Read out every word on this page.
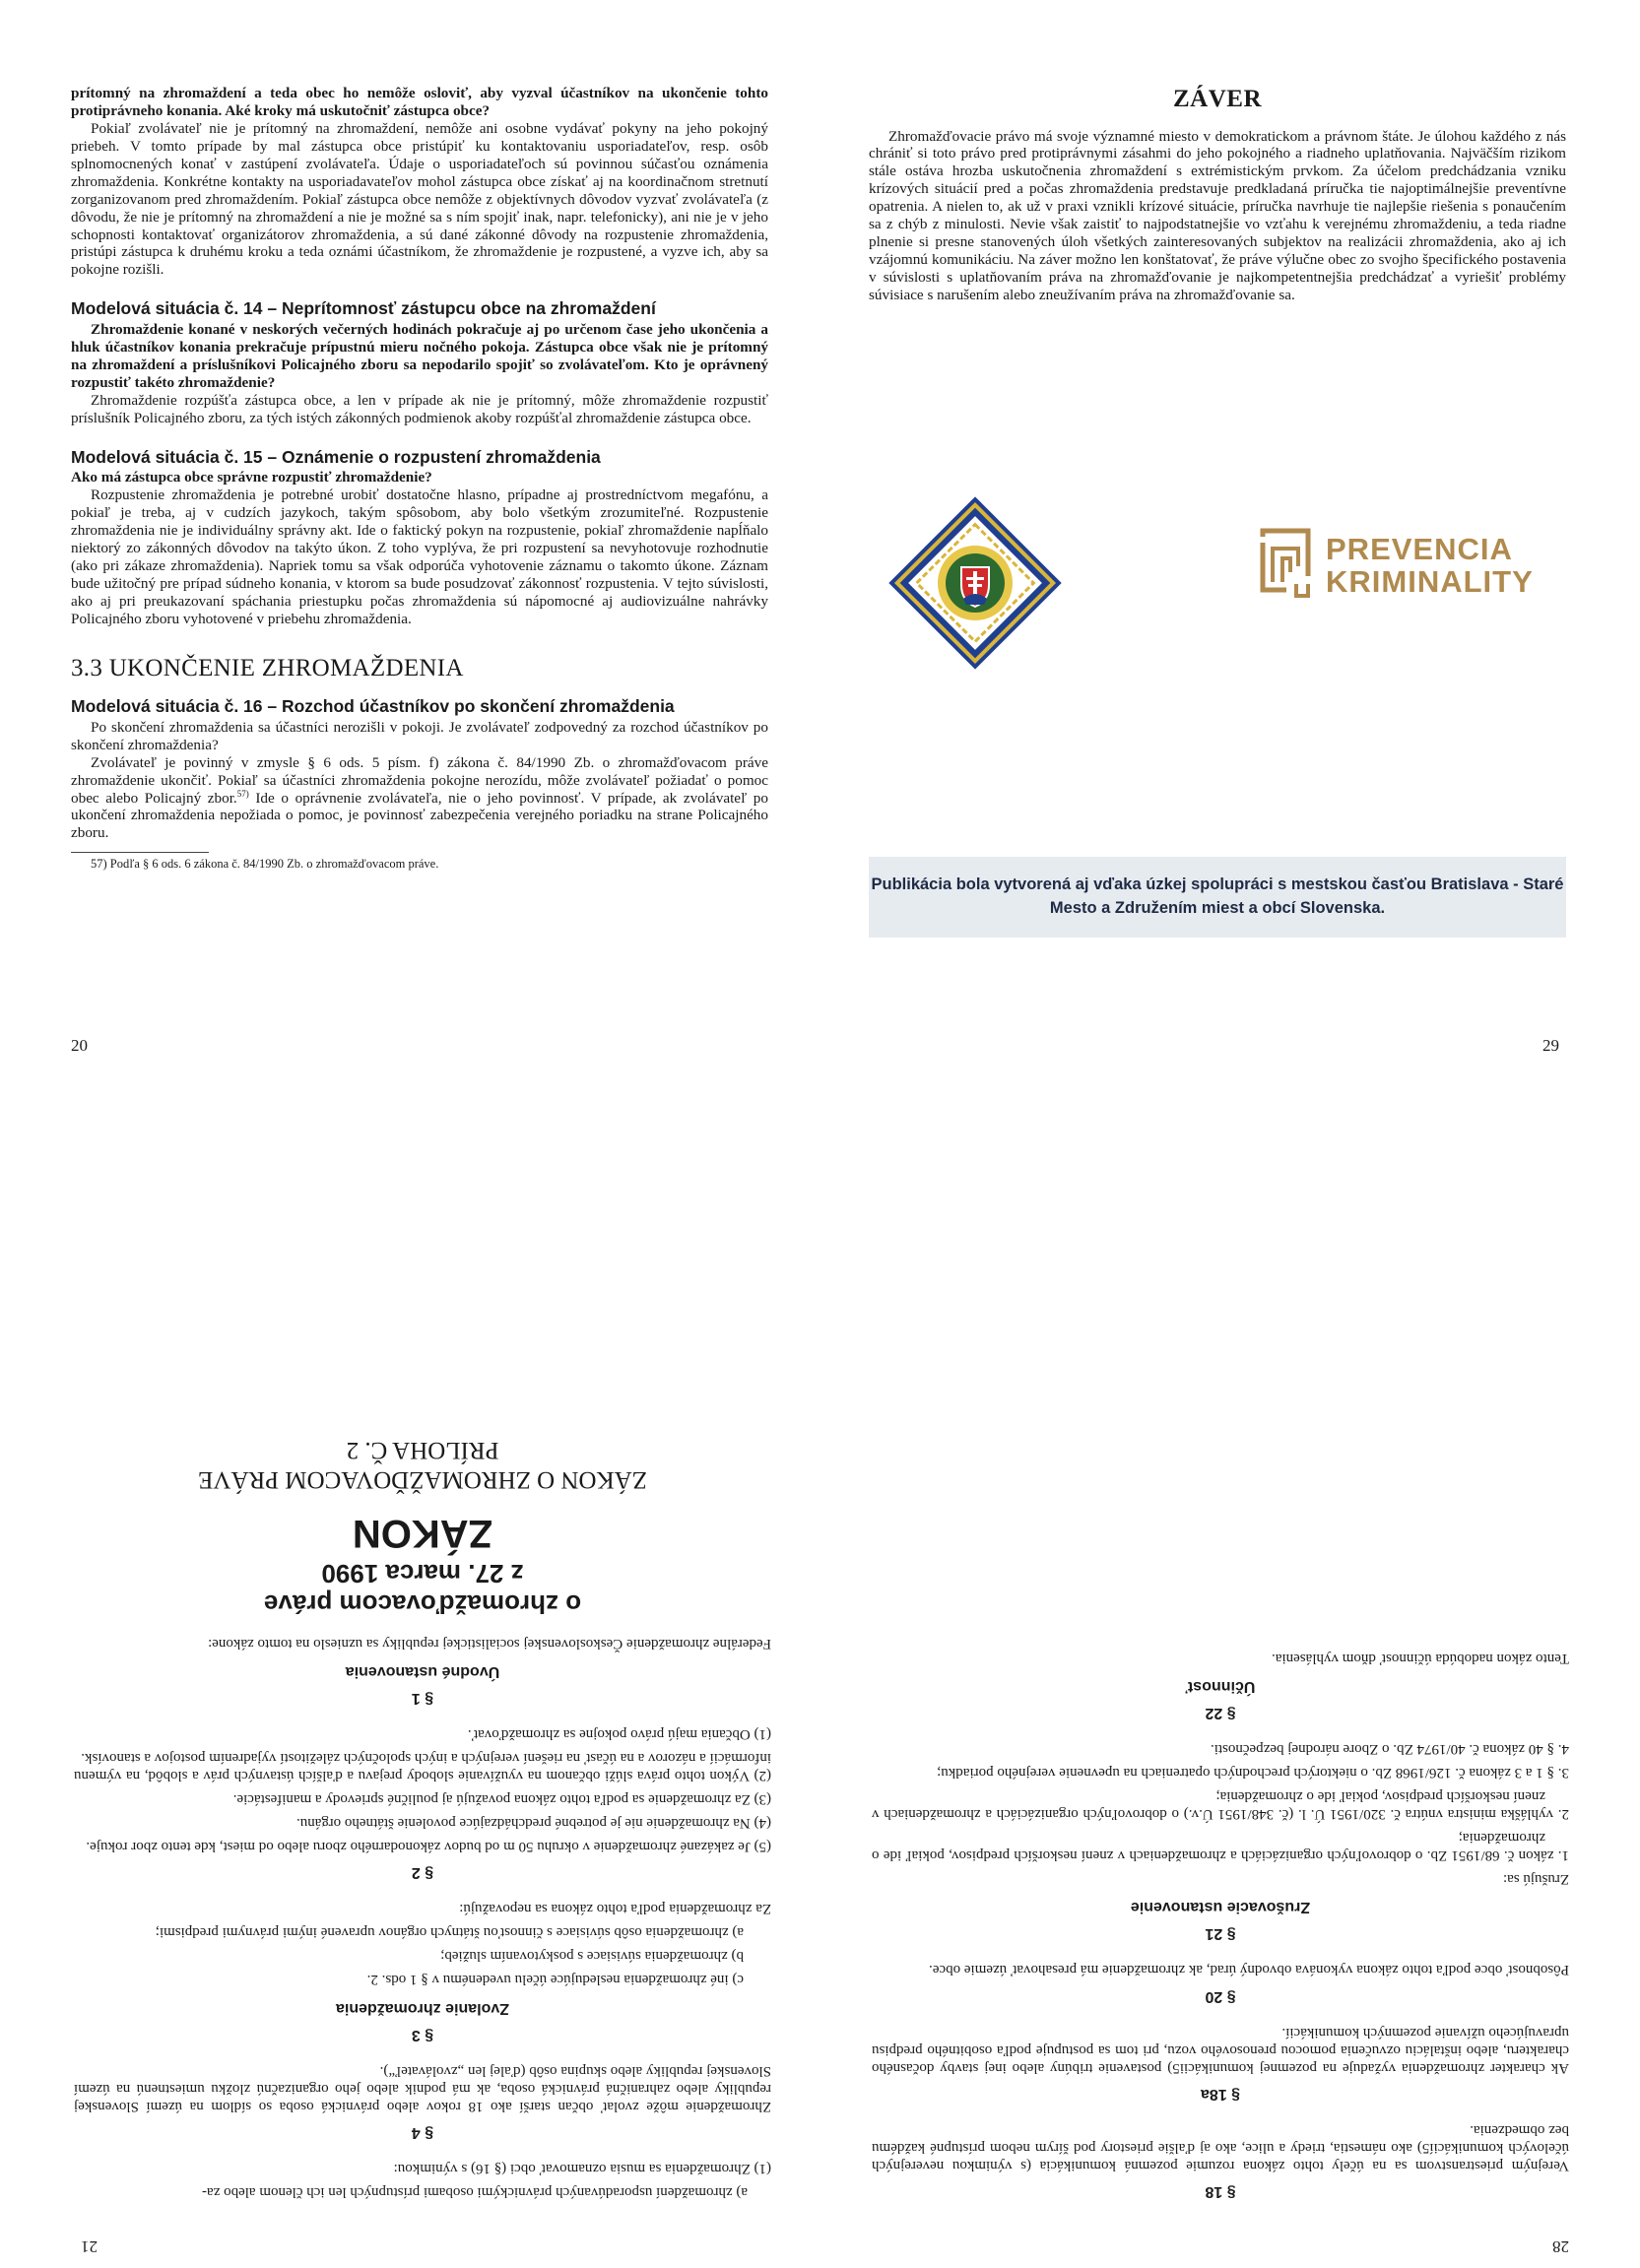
prítomný na zhromaždení a teda obec ho nemôže osloviť, aby vyzval účastníkov na ukončenie tohto protiprávneho konania. Aké kroky má uskutočniť zástupca obce?

Pokiaľ zvolávateľ nie je prítomný na zhromaždení, nemôže ani osobne vydávať pokyny na jeho pokojný priebeh. V tomto prípade by mal zástupca obce pristúpiť ku kontaktovaniu usporiadateľov, resp. osôb splnomocnených konať v zastúpení zvolávateľa. Údaje o usporiadateľoch sú povinnou súčasťou oznámenia zhromaždenia. Konkrétne kontakty na usporiadavateľov mohol zástupca obce získať aj na koordinačnom stretnutí zorganizovanom pred zhromaždením. Pokiaľ zástupca obce nemôže z objektívnych dôvodov vyzvať zvolávateľa (z dôvodu, že nie je prítomný na zhromaždení a nie je možné sa s ním spojiť inak, napr. telefonicky), ani nie je v jeho schopnosti kontaktovať organizátorov zhromaždenia, a sú dané zákonné dôvody na rozpustenie zhromaždenia, pristúpi zástupca k druhému kroku a teda oznámi účastníkom, že zhromaždenie je rozpustené, a vyzve ich, aby sa pokojne rozišli.

Modelová situácia č. 14 – Neprítomnosť zástupcu obce na zhromaždení

Zhromaždenie konané v neskorých večerných hodinách pokračuje aj po určenom čase jeho ukončenia a hluk účastníkov konania prekračuje prípustnú mieru nočného pokoja. Zástupca obce však nie je prítomný na zhromaždení a príslušníkovi Policajného zboru sa nepodarilo spojiť so zvolávateľom. Kto je oprávnený rozpustiť takéto zhromaždenie?

Zhromaždenie rozpúšťa zástupca obce, a len v prípade ak nie je prítomný, môže zhromaždenie rozpustiť príslušník Policajného zboru, za tých istých zákonných podmienok akoby rozpúšťal zhromaždenie zástupca obce.

Modelová situácia č. 15 – Oznámenie o rozpustení zhromaždenia

Ako má zástupca obce správne rozpustiť zhromaždenie?

Rozpustenie zhromaždenia je potrebné urobiť dostatočne hlasno, prípadne aj prostredníctvom megafónu, a pokiaľ je treba, aj v cudzích jazykoch, takým spôsobom, aby bolo všetkým zrozumiteľné. Rozpustenie zhromaždenia nie je individuálny správny akt. Ide o faktický pokyn na rozpustenie, pokiaľ zhromaždenie napĺňalo niektorý zo zákonných dôvodov na takýto úkon. Z toho vyplýva, že pri rozpustení sa nevyhotovuje rozhodnutie (ako pri zákaze zhromaždenia). Napriek tomu sa však odporúča vyhotovenie záznamu o takomto úkone. Záznam bude užitočný pre prípad súdneho konania, v ktorom sa bude posudzovať zákonnosť rozpustenia. V tejto súvislosti, ako aj pri preukazovaní spáchania priestupku počas zhromaždenia sú nápomocné aj audiovizuálne nahrávky Policajného zboru vyhotovené v priebehu zhromaždenia.

3.3 UKONČENIE ZHROMAŽDENIA
Modelová situácia č. 16 – Rozchod účastníkov po skončení zhromaždenia

Po skončení zhromaždenia sa účastníci nerozišli v pokoji. Je zvolávateľ zodpovedný za rozchod účastníkov po skončení zhromaždenia?

Zvolávateľ je povinný v zmysle § 6 ods. 5 písm. f) zákona č. 84/1990 Zb. o zhromažďovacom práve zhromaždenie ukončiť. Pokiaľ sa účastníci zhromaždenia pokojne nerozídu, môže zvolávateľ požiadať o pomoc obec alebo Policajný zbor.$^{57)}$ Ide o oprávnenie zvolávateľa, nie o jeho povinnosť. V prípade, ak zvolávateľ po ukončení zhromaždenia nepožiada o pomoc, je povinnosť zabezpečenia verejného poriadku na strane Policajného zboru.

57) Podľa § 6 ods. 6 zákona č. 84/1990 Zb. o zhromažďovacom práve.

20
ZÁVER

Zhromažďovacie právo má svoje významné miesto v demokratickom a právnom štáte. Je úlohou každého z nás chrániť si toto právo pred protiprávnymi zásahmi do jeho pokojného a riadneho uplatňovania. Najväčším rizikom stále ostáva hrozba uskutočnenia zhromaždení s extrémistickým prvkom. Za účelom predchádzania vzniku krízových situácií pred a počas zhromaždenia predstavuje predkladaná príručka tie najoptimálnejšie preventívne opatrenia. A nielen to, ak už v praxi vznikli krízové situácie, príručka navrhuje tie najlepšie riešenia s ponaučením sa z chýb z minulosti. Nevie však zaistiť to najpodstatnejšie vo vzťahu k verejnému zhromaždeniu, a teda riadne plnenie si presne stanovených úloh všetkých zainteresovaných subjektov na realizácii zhromaždenia, ako aj ich vzájomnú komunikáciu. Na záver možno len konštatovať, že práve výlučne obec zo svojho špecifického postavenia v súvislosti s uplatňovaním práva na zhromažďovanie je najkompetentnejšia predchádzať a vyriešiť problémy súvisiace s narušením alebo zneužívaním práva na zhromažďovanie sa.

PREVENCIA
KRIMINALITY
Publikácia bola vytvorená aj vďaka úzkej spolupráci s mestskou časťou Bratislava - Staré Mesto a Združením miest a obcí Slovenska.
29
28
§ 18

Verejným priestranstvom sa na účely tohto zákona rozumie pozemná komunikácia (s výnimkou neverejných účelových komunikácií5) ako námestia, triedy a ulice, ako aj ďalšie priestory pod šírym nebom prístupné každému bez obmedzenia.

§ 18a

Ak charakter zhromaždenia vyžaduje na pozemnej komunikácii5) postavenie tribúny alebo inej stavby dočasného charakteru, alebo inštaláciu ozvučenia pomocou prenosového vozu, pri tom sa postupuje podľa osobitného predpisu upravujúceho užívanie pozemných komunikácií.

§ 20

Pôsobnosť obce podľa tohto zákona vykonáva obvodný úrad, ak zhromaždenie má presahovať územie obce.

§ 21
Zrušovacie ustanovenie

Zrušujú sa:

1. zákon č. 68/1951 Zb. o dobrovoľných organizáciách a zhromaždeniach v znení neskorších predpisov, pokiaľ ide o zhromaždenia;

2. vyhláška ministra vnútra č. 320/1951 Ú. l. (č. 348/1951 Ú.v.) o dobrovoľných organizáciách a zhromaždeniach v znení neskorších predpisov, pokiaľ ide o zhromaždenia;

3. § 1 a 3 zákona č. 126/1968 Zb. o niektorých prechodných opatreniach na upevnenie verejného poriadku;

4. § 40 zákona č. 40/1974 Zb. o Zbore národnej bezpečnosti.

§ 22
Účinnosť

Tento zákon nadobúda účinnosť dňom vyhlásenia.

21

a) zhromaždení usporadúvaných právnickými osobami prístupných len ich členom alebo za-

(1) Zhromaždenia sa musia oznamovať obci (§ 16) s výnimkou:

§ 4

Zhromaždenie môže zvolať občan starší ako 18 rokov alebo právnická osoba so sídlom na území Slovenskej republiky alebo zahraničná právnická osoba, ak má podnik alebo jeho organizačnú zložku umiestnenú na území Slovenskej republiky alebo skupina osôb (ďalej len „zvolávateľ“).

§ 3
Zvolanie zhromaždenia

c) iné zhromaždenia nesledujúce účelu uvedenému v § 1 ods. 2.

b) zhromaždenia súvisiace s poskytovaním služieb;

a) zhromaždenia osôb súvisiace s činnosťou štátnych orgánov upravené inými právnymi predpismi;

Za zhromaždenia podľa tohto zákona sa nepovažujú:

§ 2

(5) Je zakázané zhromaždenie v okruhu 50 m od budov zákonodarného zboru alebo od miest, kde tento zbor rokuje.

(4) Na zhromaždenie nie je potrebné predchádzajúce povolenie štátneho orgánu.

(3) Za zhromaždenie sa podľa tohto zákona považujú aj pouličné sprievody a manifestácie.

(2) Výkon tohto práva slúži občanom na využívanie slobody prejavu a ďalších ústavných práv a slobôd, na výmenu informácií a názorov a na účasť na riešení verejných a iných spoločných záležitostí vyjadrením postojov a stanovísk.

(1) Občania majú právo pokojne sa zhromažďovať.

§ 1
Úvodné ustanovenia

Federálne zhromaždenie Československej socialistickej republiky sa uznieslo na tomto zákone:

o zhromažďovacom práve
z 27. marca 1990
ZÁKON
ZÁKON O ZHROMAŽĎOVACOM PRÁVE
PRÍLOHA Č. 2
